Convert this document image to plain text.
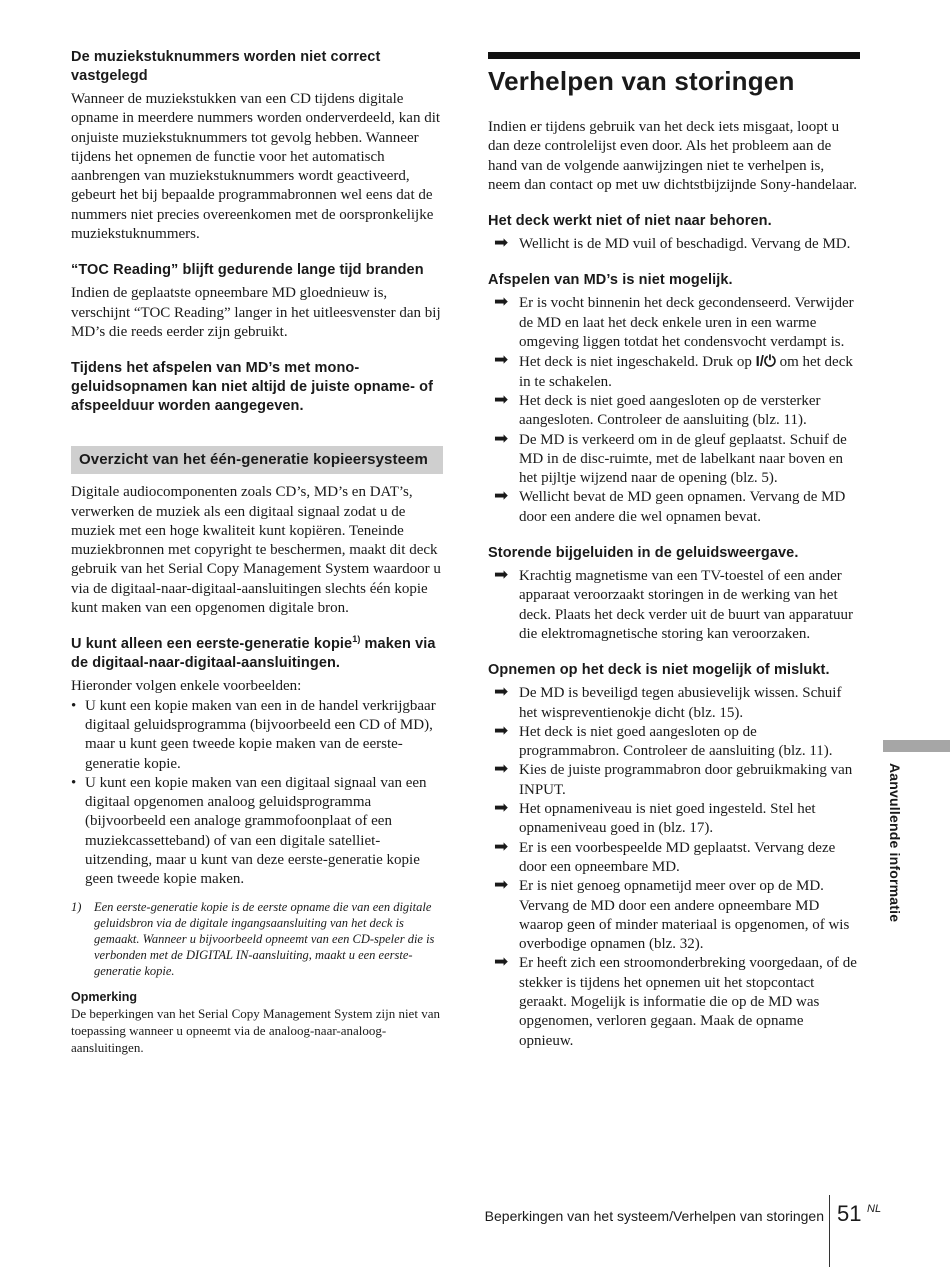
De muziekstuknummers worden niet correct vastgelegd

Wanneer de muziekstukken van een CD tijdens digitale opname in meerdere nummers worden onderverdeeld, kan dit onjuiste muziekstuknummers tot gevolg hebben. Wanneer tijdens het opnemen de functie voor het automatisch aanbrengen van muziekstuknummers wordt geactiveerd, gebeurt het bij bepaalde programmabronnen wel eens dat de nummers niet precies overeenkomen met de oorspronkelijke muziekstuknummers.

“TOC Reading” blijft gedurende lange tijd branden

Indien de geplaatste opneembare MD gloednieuw is, verschijnt “TOC Reading” langer in het uitleesvenster dan bij MD’s die reeds eerder zijn gebruikt.

Tijdens het afspelen van MD’s met mono-geluidsopnamen kan niet altijd de juiste opname- of afspeelduur worden aangegeven.
Overzicht van het één-generatie kopieersysteem

Digitale audiocomponenten zoals CD’s, MD’s en DAT’s, verwerken de muziek als een digitaal signaal zodat u de muziek met een hoge kwaliteit kunt kopiëren. Teneinde muziekbronnen met copyright te beschermen, maakt dit deck gebruik van het Serial Copy Management System waardoor u via de digitaal-naar-digitaal-aansluitingen slechts één kopie kunt maken van een opgenomen digitale bron.

U kunt alleen een eerste-generatie kopie$^{1)}$ maken via de digitaal-naar-digitaal-aansluitingen.

Hieronder volgen enkele voorbeelden:

• U kunt een kopie maken van een in de handel verkrijgbaar digitaal geluidsprogramma (bijvoorbeeld een CD of MD), maar u kunt geen tweede kopie maken van de eerste-generatie kopie.
• U kunt een kopie maken van een digitaal signaal van een digitaal opgenomen analoog geluidsprogramma (bijvoorbeeld een analoge grammofoonplaat of een muziekcassetteband) of van een digitale satelliet-uitzending, maar u kunt van deze eerste-generatie kopie geen tweede kopie maken.
1)	Een eerste-generatie kopie is de eerste opname die van een digitale geluidsbron via de digitale ingangsaansluiting van het deck is gemaakt. Wanneer u bijvoorbeeld opneemt van een CD-speler die is verbonden met de DIGITAL IN-aansluiting, maakt u een eerste-generatie kopie.
Opmerking
De beperkingen van het Serial Copy Management System zijn niet van toepassing wanneer u opneemt via de analoog-naar-analoog-aansluitingen.
Verhelpen van storingen

Indien er tijdens gebruik van het deck iets misgaat, loopt u dan deze controlelijst even door. Als het probleem aan de hand van de volgende aanwijzingen niet te verhelpen is, neem dan contact op met uw dichtstbijzijnde Sony-handelaar.

Het deck werkt niet of niet naar behoren.
➡ Wellicht is de MD vuil of beschadigd. Vervang de MD.
Afspelen van MD’s is niet mogelijk.
➡ Er is vocht binnenin het deck gecondenseerd. Verwijder de MD en laat het deck enkele uren in een warme omgeving liggen totdat het condensvocht verdampt is.
➡ Het deck is niet ingeschakeld. Druk op I/⏻ om het deck in te schakelen.
➡ Het deck is niet goed aangesloten op de versterker aangesloten. Controleer de aansluiting (blz. 11).
➡ De MD is verkeerd om in de gleuf geplaatst. Schuif de MD in de disc-ruimte, met de labelkant naar boven en het pijltje wijzend naar de opening (blz. 5).
➡ Wellicht bevat de MD geen opnamen. Vervang de MD door een andere die wel opnamen bevat.
Storende bijgeluiden in de geluidsweergave.
➡ Krachtig magnetisme van een TV-toestel of een ander apparaat veroorzaakt storingen in de werking van het deck. Plaats het deck verder uit de buurt van apparatuur die elektromagnetische storing kan veroorzaken.
Opnemen op het deck is niet mogelijk of mislukt.
➡ De MD is beveiligd tegen abusievelijk wissen. Schuif het wispreventienokje dicht (blz. 15).
➡ Het deck is niet goed aangesloten op de programmabron. Controleer de aansluiting (blz. 11).
➡ Kies de juiste programmabron door gebruikmaking van INPUT.
➡ Het opnameniveau is niet goed ingesteld. Stel het opnameniveau goed in (blz. 17).
➡ Er is een voorbespeelde MD geplaatst. Vervang deze door een opneembare MD.
➡ Er is niet genoeg opnametijd meer over op de MD. Vervang de MD door een andere opneembare MD waarop geen of minder materiaal is opgenomen, of wis overbodige opnamen (blz. 32).
➡ Er heeft zich een stroomonderbreking voorgedaan, of de stekker is tijdens het opnemen uit het stopcontact geraakt. Mogelijk is informatie die op de MD was opgenomen, verloren gegaan. Maak de opname opnieuw.
Aanvullende informatie
Beperkingen van het systeem/Verhelpen van storingen 51 NL
